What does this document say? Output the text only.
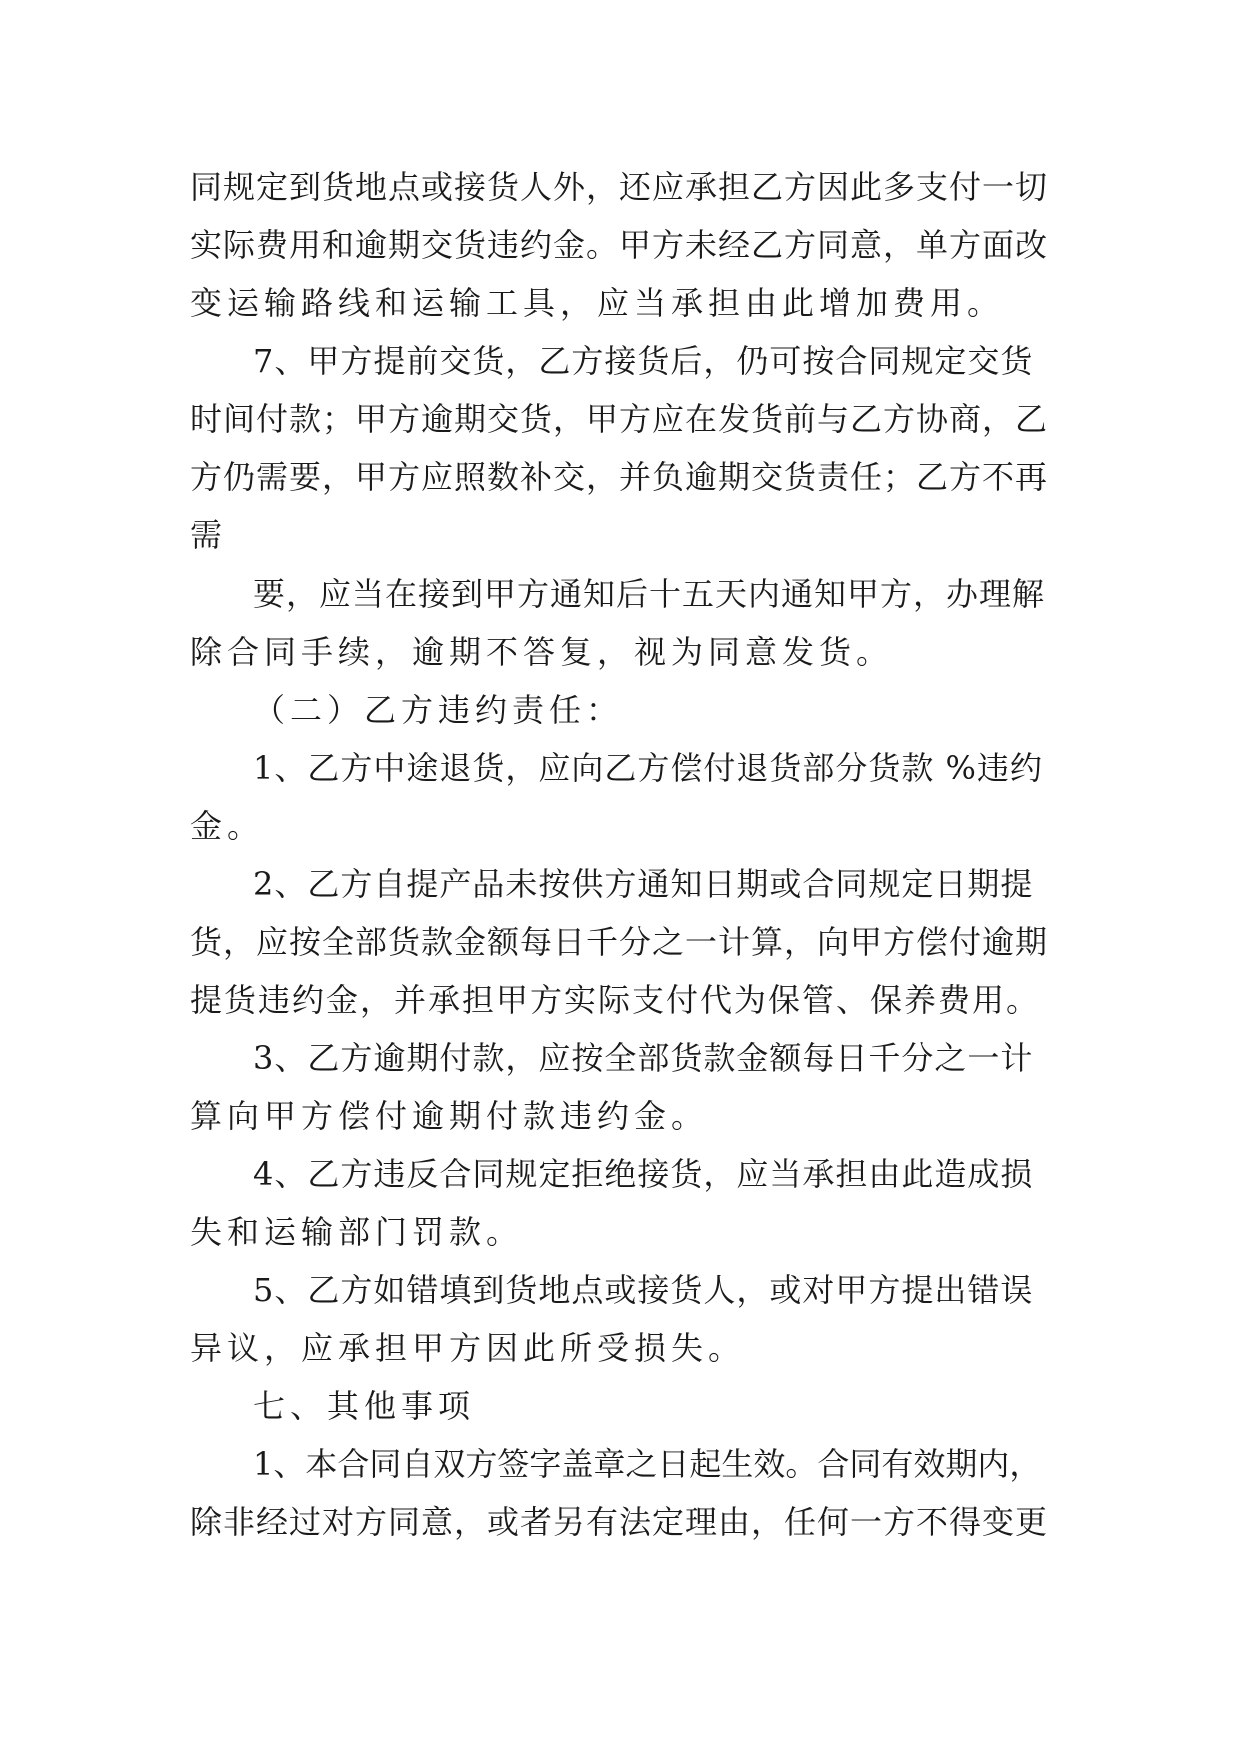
同规定到货地点或接货人外，还应承担乙方因此多支付一切
实际费用和逾期交货违约金。甲方未经乙方同意，单方面改
变运输路线和运输工具，应当承担由此增加费用。
7、甲方提前交货，乙方接货后，仍可按合同规定交货
时间付款；甲方逾期交货，甲方应在发货前与乙方协商，乙
方仍需要，甲方应照数补交，并负逾期交货责任；乙方不再
需
要，应当在接到甲方通知后十五天内通知甲方，办理解
除合同手续，逾期不答复，视为同意发货。
（二）乙方违约责任：
1、乙方中途退货，应向乙方偿付退货部分货款 %违约
金。
2、乙方自提产品未按供方通知日期或合同规定日期提
货，应按全部货款金额每日千分之一计算，向甲方偿付逾期
提货违约金，并承担甲方实际支付代为保管、保养费用。
3、乙方逾期付款，应按全部货款金额每日千分之一计
算向甲方偿付逾期付款违约金。
4、乙方违反合同规定拒绝接货，应当承担由此造成损
失和运输部门罚款。
5、乙方如错填到货地点或接货人，或对甲方提出错误
异议，应承担甲方因此所受损失。
七、其他事项
1、本合同自双方签字盖章之日起生效。合同有效期内，
除非经过对方同意，或者另有法定理由，任何一方不得变更
